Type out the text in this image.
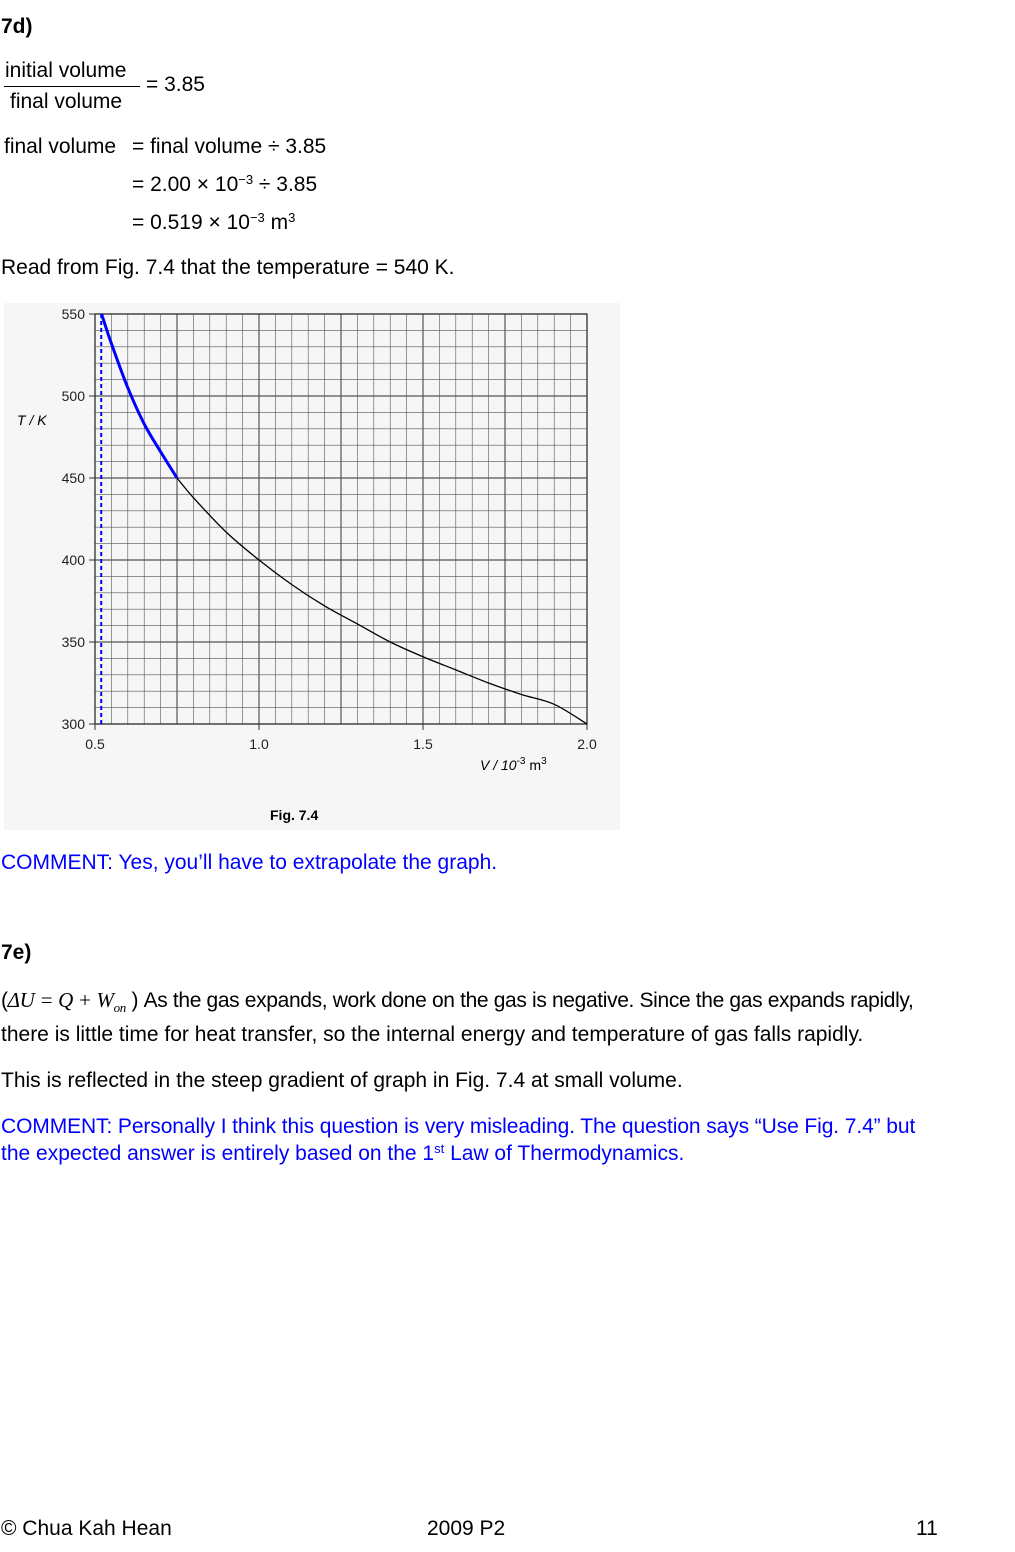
7d)
initial volume
final volume
= 3.85
final volume = final volume ÷ 3.85
= $2.00 \times 10^{-3} \div 3.85$
= $0.519 \times 10^{-3}$ $m^3$
Read from Fig. 7.4 that the temperature = 540 K.
300
350
400
450
500
550
0.5	1.0	1.5	2.0
T / K
V / $10^{-3}$ $m^3$
Fig. 7.4
COMMENT: Yes, you’ll have to extrapolate the graph.
7e)
($\Delta U = Q + W_{on}$ ) As the gas expands, work done on the gas is negative. Since the gas expands rapidly,
there is little time for heat transfer, so the internal energy and temperature of gas falls rapidly.
This is reflected in the steep gradient of graph in Fig. 7.4 at small volume.
COMMENT: Personally I think this question is very misleading. The question says “Use Fig. 7.4” but
the expected answer is entirely based on the 1st Law of Thermodynamics.
© Chua Kah Hean	2009 P2	11
